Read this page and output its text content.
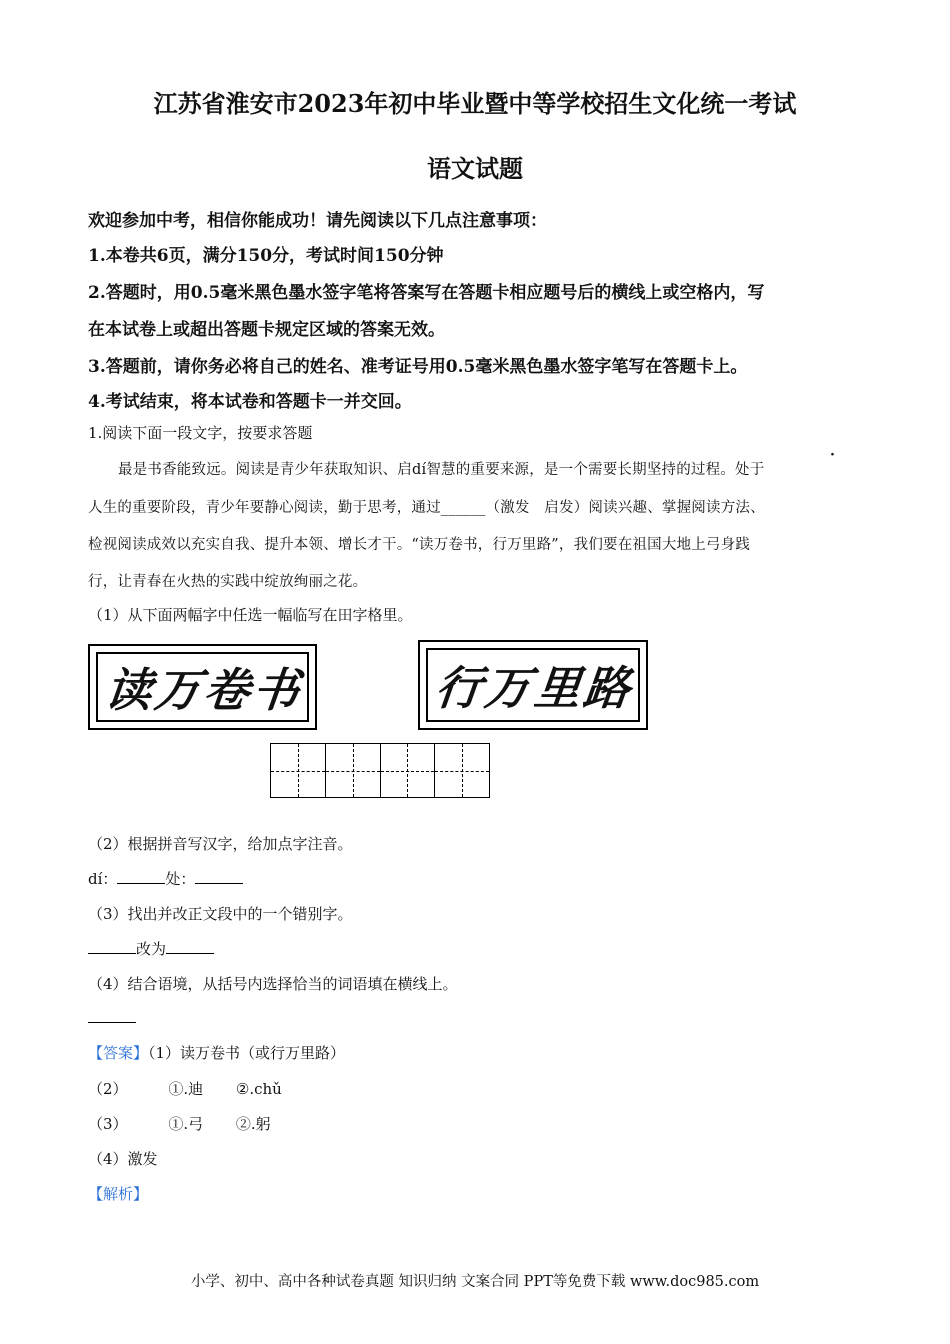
江苏省淮安市2023年初中毕业暨中等学校招生文化统一考试
语文试题
欢迎参加中考，相信你能成功！请先阅读以下几点注意事项：
1.本卷共6页，满分150分，考试时间150分钟
2.答题时，用0.5毫米黑色墨水签字笔将答案写在答题卡相应题号后的横线上或空格内，写
在本试卷上或超出答题卡规定区域的答案无效。
3.答题前，请你务必将自己的姓名、准考证号用0.5毫米黑色墨水签字笔写在答题卡上。
4.考试结束，将本试卷和答题卡一并交回。
1.阅读下面一段文字，按要求答题
·
最是书香能致远。阅读是青少年获取知识、启dí智慧的重要来源，是一个需要长期坚持的过程。处于
人生的重要阶段，青少年要静心阅读，勤于思考，通过______（激发　启发）阅读兴趣、掌握阅读方法、
检视阅读成效以充实自我、提升本领、增长才干。“读万卷书，行万里路”，我们要在祖国大地上弓身践
行，让青春在火热的实践中绽放绚丽之花。
（1）从下面两幅字中任选一幅临写在田字格里。
读
万
卷
书	行
万
里
路
（2）根据拼音写汉字，给加点字注音。
dí：	处：
（3）找出并改正文段中的一个错别字。
改为
（4）结合语境，从括号内选择恰当的词语填在横线上。
【答案】（1）读万卷书（或行万里路）
（2）	①.迪 ②.chǔ
（3）	①.弓 ②.躬
（4）激发
【解析】
小学、初中、高中各种试卷真题 知识归纳 文案合同 PPT等免费下载 www.doc985.com
